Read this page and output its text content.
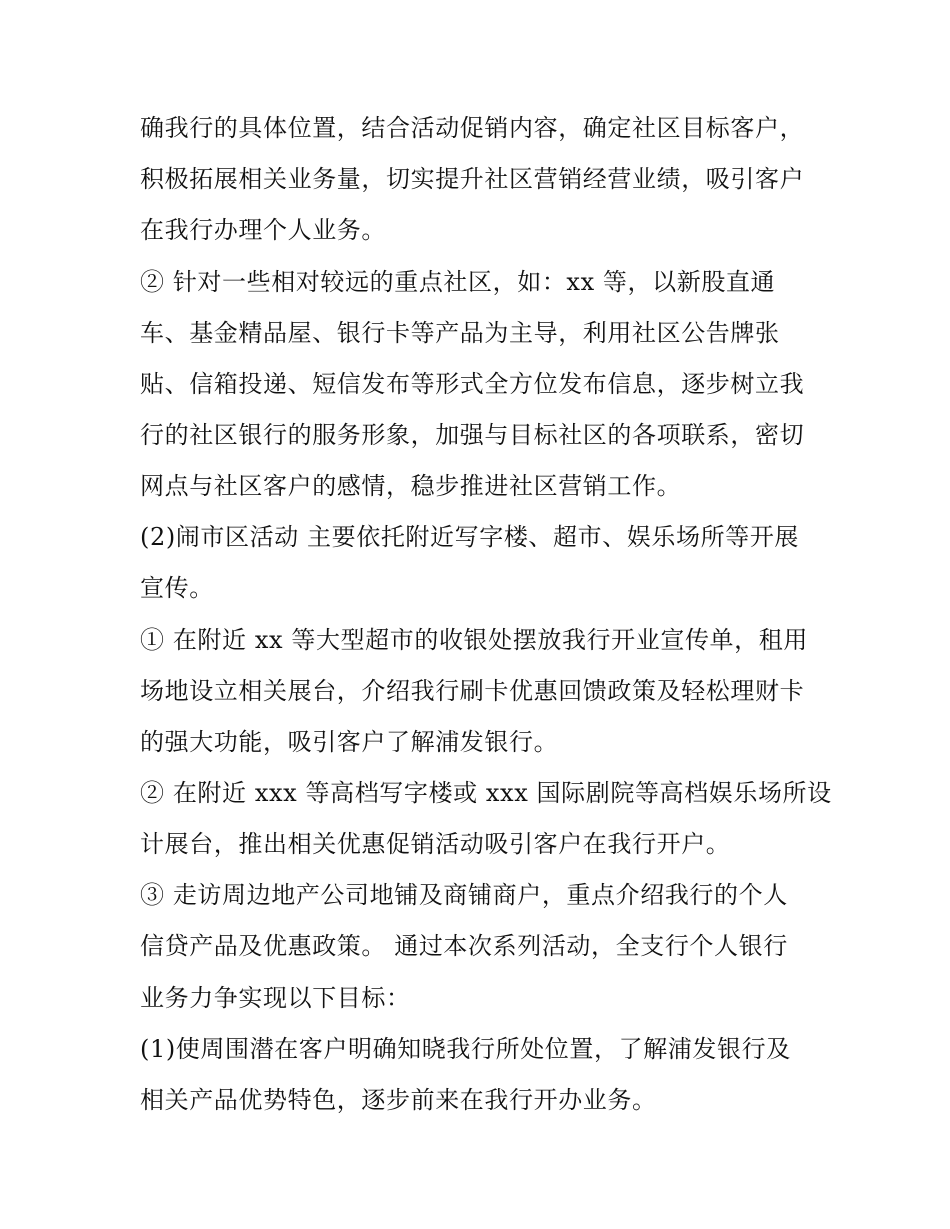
确我行的具体位置，结合活动促销内容，确定社区目标客户，
积极拓展相关业务量，切实提升社区营销经营业绩，吸引客户
在我行办理个人业务。
② 针对一些相对较远的重点社区，如：xx 等，以新股直通
车、基金精品屋、银行卡等产品为主导，利用社区公告牌张
贴、信箱投递、短信发布等形式全方位发布信息，逐步树立我
行的社区银行的服务形象，加强与目标社区的各项联系，密切
网点与社区客户的感情，稳步推进社区营销工作。
(2)闹市区活动 主要依托附近写字楼、超市、娱乐场所等开展
宣传。
① 在附近 xx 等大型超市的收银处摆放我行开业宣传单，租用
场地设立相关展台，介绍我行刷卡优惠回馈政策及轻松理财卡
的强大功能，吸引客户了解浦发银行。
② 在附近 xxx 等高档写字楼或 xxx 国际剧院等高档娱乐场所设
计展台，推出相关优惠促销活动吸引客户在我行开户。
③ 走访周边地产公司地铺及商铺商户，重点介绍我行的个人
信贷产品及优惠政策。 通过本次系列活动，全支行个人银行
业务力争实现以下目标：
(1)使周围潜在客户明确知晓我行所处位置，了解浦发银行及
相关产品优势特色，逐步前来在我行开办业务。
